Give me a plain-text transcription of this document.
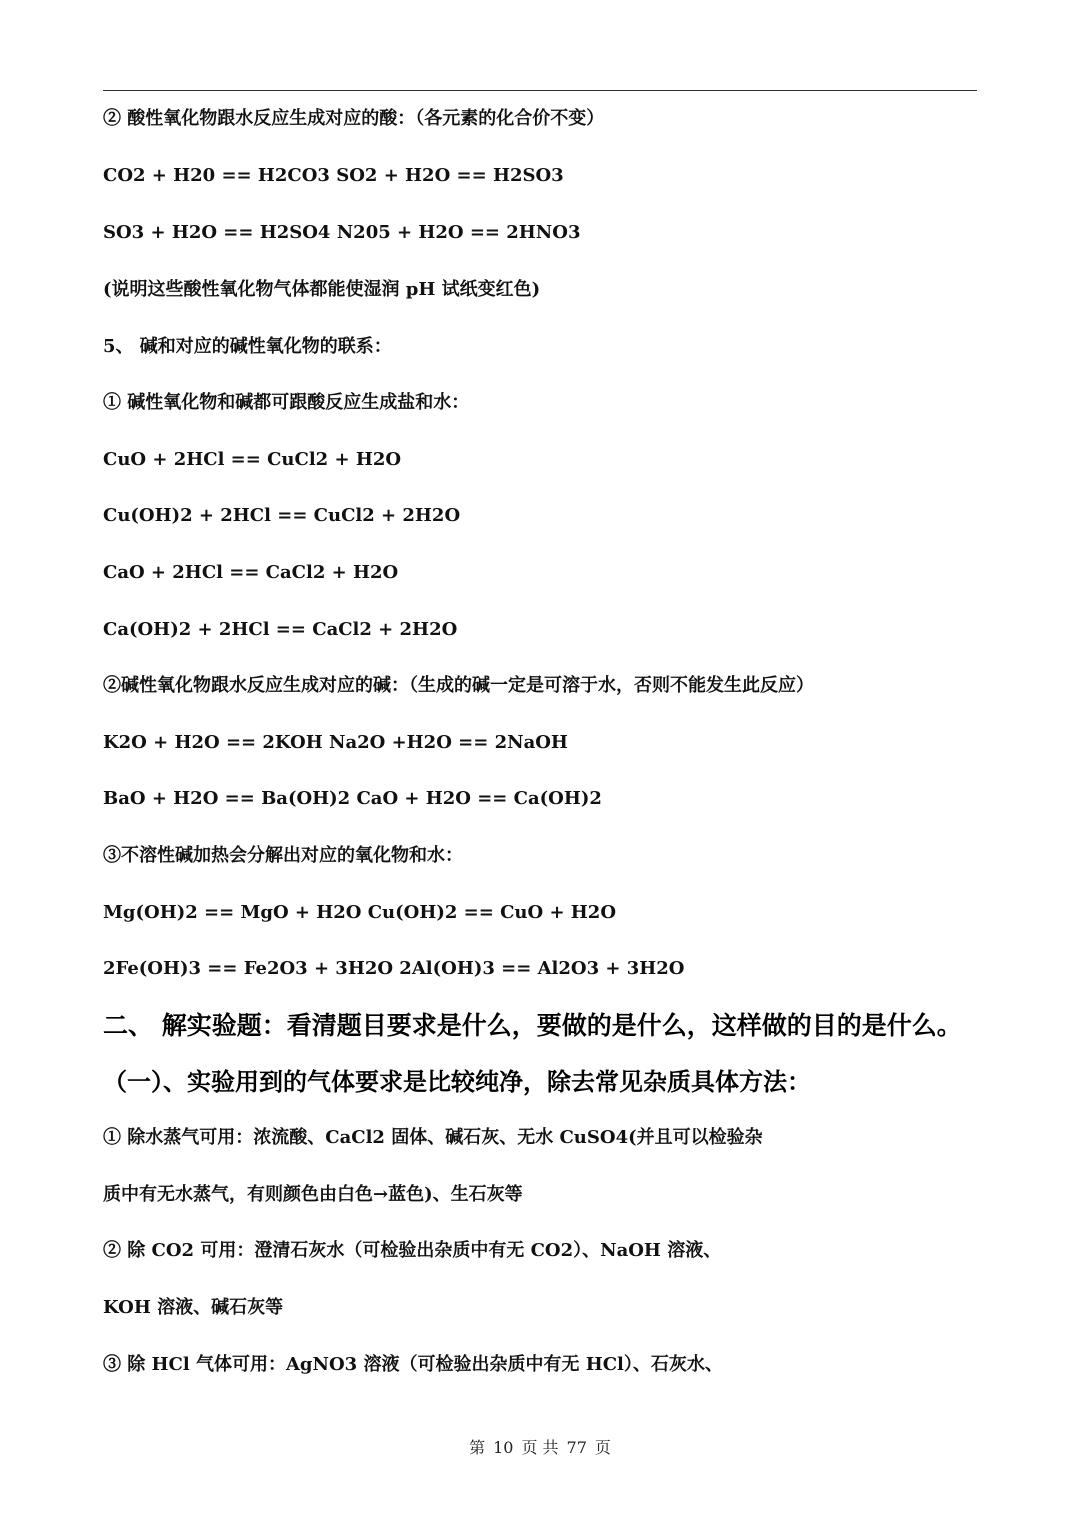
② 酸性氧化物跟水反应生成对应的酸：（各元素的化合价不变）
CO2 + H20 == H2CO3 SO2 + H2O == H2SO3
SO3 + H2O == H2SO4 N205 + H2O == 2HNO3
(说明这些酸性氧化物气体都能使湿润 pH 试纸变红色)
5、 碱和对应的碱性氧化物的联系：
① 碱性氧化物和碱都可跟酸反应生成盐和水：
CuO + 2HCl == CuCl2 + H2O
Cu(OH)2 + 2HCl == CuCl2 + 2H2O
CaO + 2HCl == CaCl2 + H2O
Ca(OH)2 + 2HCl == CaCl2 + 2H2O
②碱性氧化物跟水反应生成对应的碱：（生成的碱一定是可溶于水，否则不能发生此反应）
K2O + H2O == 2KOH Na2O +H2O == 2NaOH
BaO + H2O == Ba(OH)2 CaO + H2O == Ca(OH)2
③不溶性碱加热会分解出对应的氧化物和水：
Mg(OH)2 == MgO + H2O Cu(OH)2 == CuO + H2O
2Fe(OH)3 == Fe2O3 + 3H2O 2Al(OH)3 == Al2O3 + 3H2O
二、 解实验题：看清题目要求是什么，要做的是什么，这样做的目的是什么。
（一）、实验用到的气体要求是比较纯净，除去常见杂质具体方法：
① 除水蒸气可用：浓流酸、CaCl2 固体、碱石灰、无水 CuSO4(并且可以检验杂
质中有无水蒸气，有则颜色由白色→蓝色)、生石灰等
② 除 CO2 可用：澄清石灰水（可检验出杂质中有无 CO2）、NaOH 溶液、
KOH 溶液、碱石灰等
③ 除 HCl 气体可用：AgNO3 溶液（可检验出杂质中有无 HCl）、石灰水、
第 10 页 共 77 页
